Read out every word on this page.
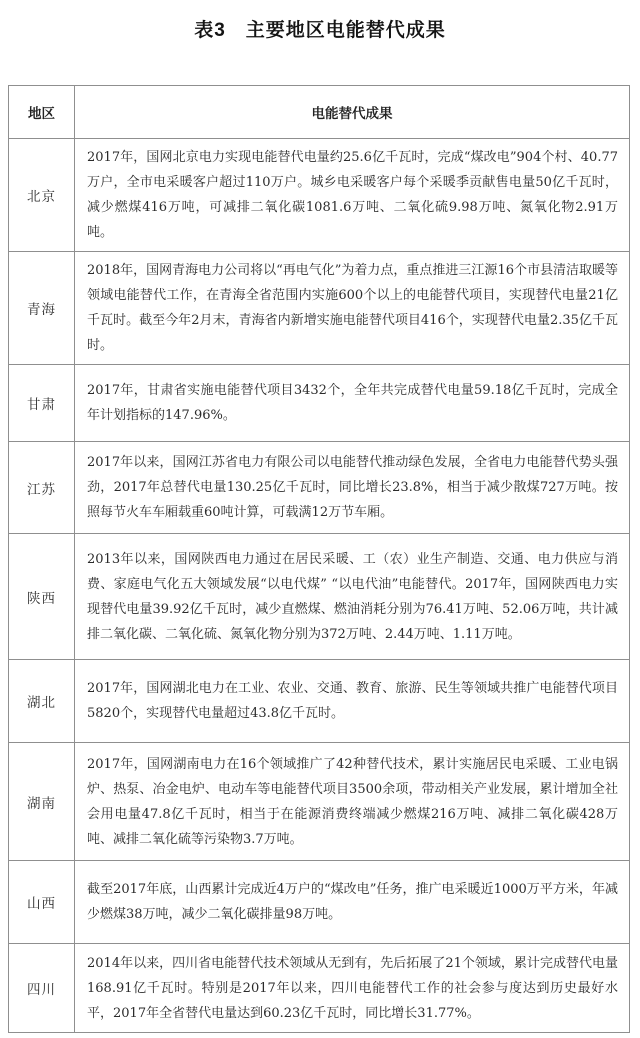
表3　主要地区电能替代成果
地区	电能替代成果
北京	2017年，国网北京电力实现电能替代电量约25.6亿千瓦时，完成“煤改电”904个村、40.77万户，全市电采暖客户超过110万户。城乡电采暖客户每个采暖季贡献售电量50亿千瓦时，减少燃煤416万吨，可减排二氧化碳1081.6万吨、二氧化硫9.98万吨、氮氧化物2.91万吨。
青海	2018年，国网青海电力公司将以“再电气化”为着力点，重点推进三江源16个市县清洁取暖等领域电能替代工作，在青海全省范围内实施600个以上的电能替代项目，实现替代电量21亿千瓦时。截至今年2月末，青海省内新增实施电能替代项目416个，实现替代电量2.35亿千瓦时。
甘肃	2017年，甘肃省实施电能替代项目3432个，全年共完成替代电量59.18亿千瓦时，完成全年计划指标的147.96%。
江苏	2017年以来，国网江苏省电力有限公司以电能替代推动绿色发展，全省电力电能替代势头强劲，2017年总替代电量130.25亿千瓦时，同比增长23.8%，相当于减少散煤727万吨。按照每节火车车厢载重60吨计算，可载满12万节车厢。
陕西	2013年以来，国网陕西电力通过在居民采暖、工（农）业生产制造、交通、电力供应与消费、家庭电气化五大领域发展“以电代煤” “以电代油”电能替代。2017年，国网陕西电力实现替代电量39.92亿千瓦时，减少直燃煤、燃油消耗分别为76.41万吨、52.06万吨，共计减排二氧化碳、二氧化硫、氮氧化物分别为372万吨、2.44万吨、1.11万吨。
湖北	2017年，国网湖北电力在工业、农业、交通、教育、旅游、民生等领域共推广电能替代项目5820个，实现替代电量超过43.8亿千瓦时。
湖南	2017年，国网湖南电力在16个领域推广了42种替代技术，累计实施居民电采暖、工业电锅炉、热泵、冶金电炉、电动车等电能替代项目3500余项，带动相关产业发展，累计增加全社会用电量47.8亿千瓦时，相当于在能源消费终端减少燃煤216万吨、减排二氧化碳428万吨、减排二氧化硫等污染物3.7万吨。
山西	截至2017年底，山西累计完成近4万户的“煤改电”任务，推广电采暖近1000万平方米，年减少燃煤38万吨，减少二氧化碳排量98万吨。
四川	2014年以来，四川省电能替代技术领域从无到有，先后拓展了21个领域，累计完成替代电量168.91亿千瓦时。特别是2017年以来，四川电能替代工作的社会参与度达到历史最好水平，2017年全省替代电量达到60.23亿千瓦时，同比增长31.77%。
